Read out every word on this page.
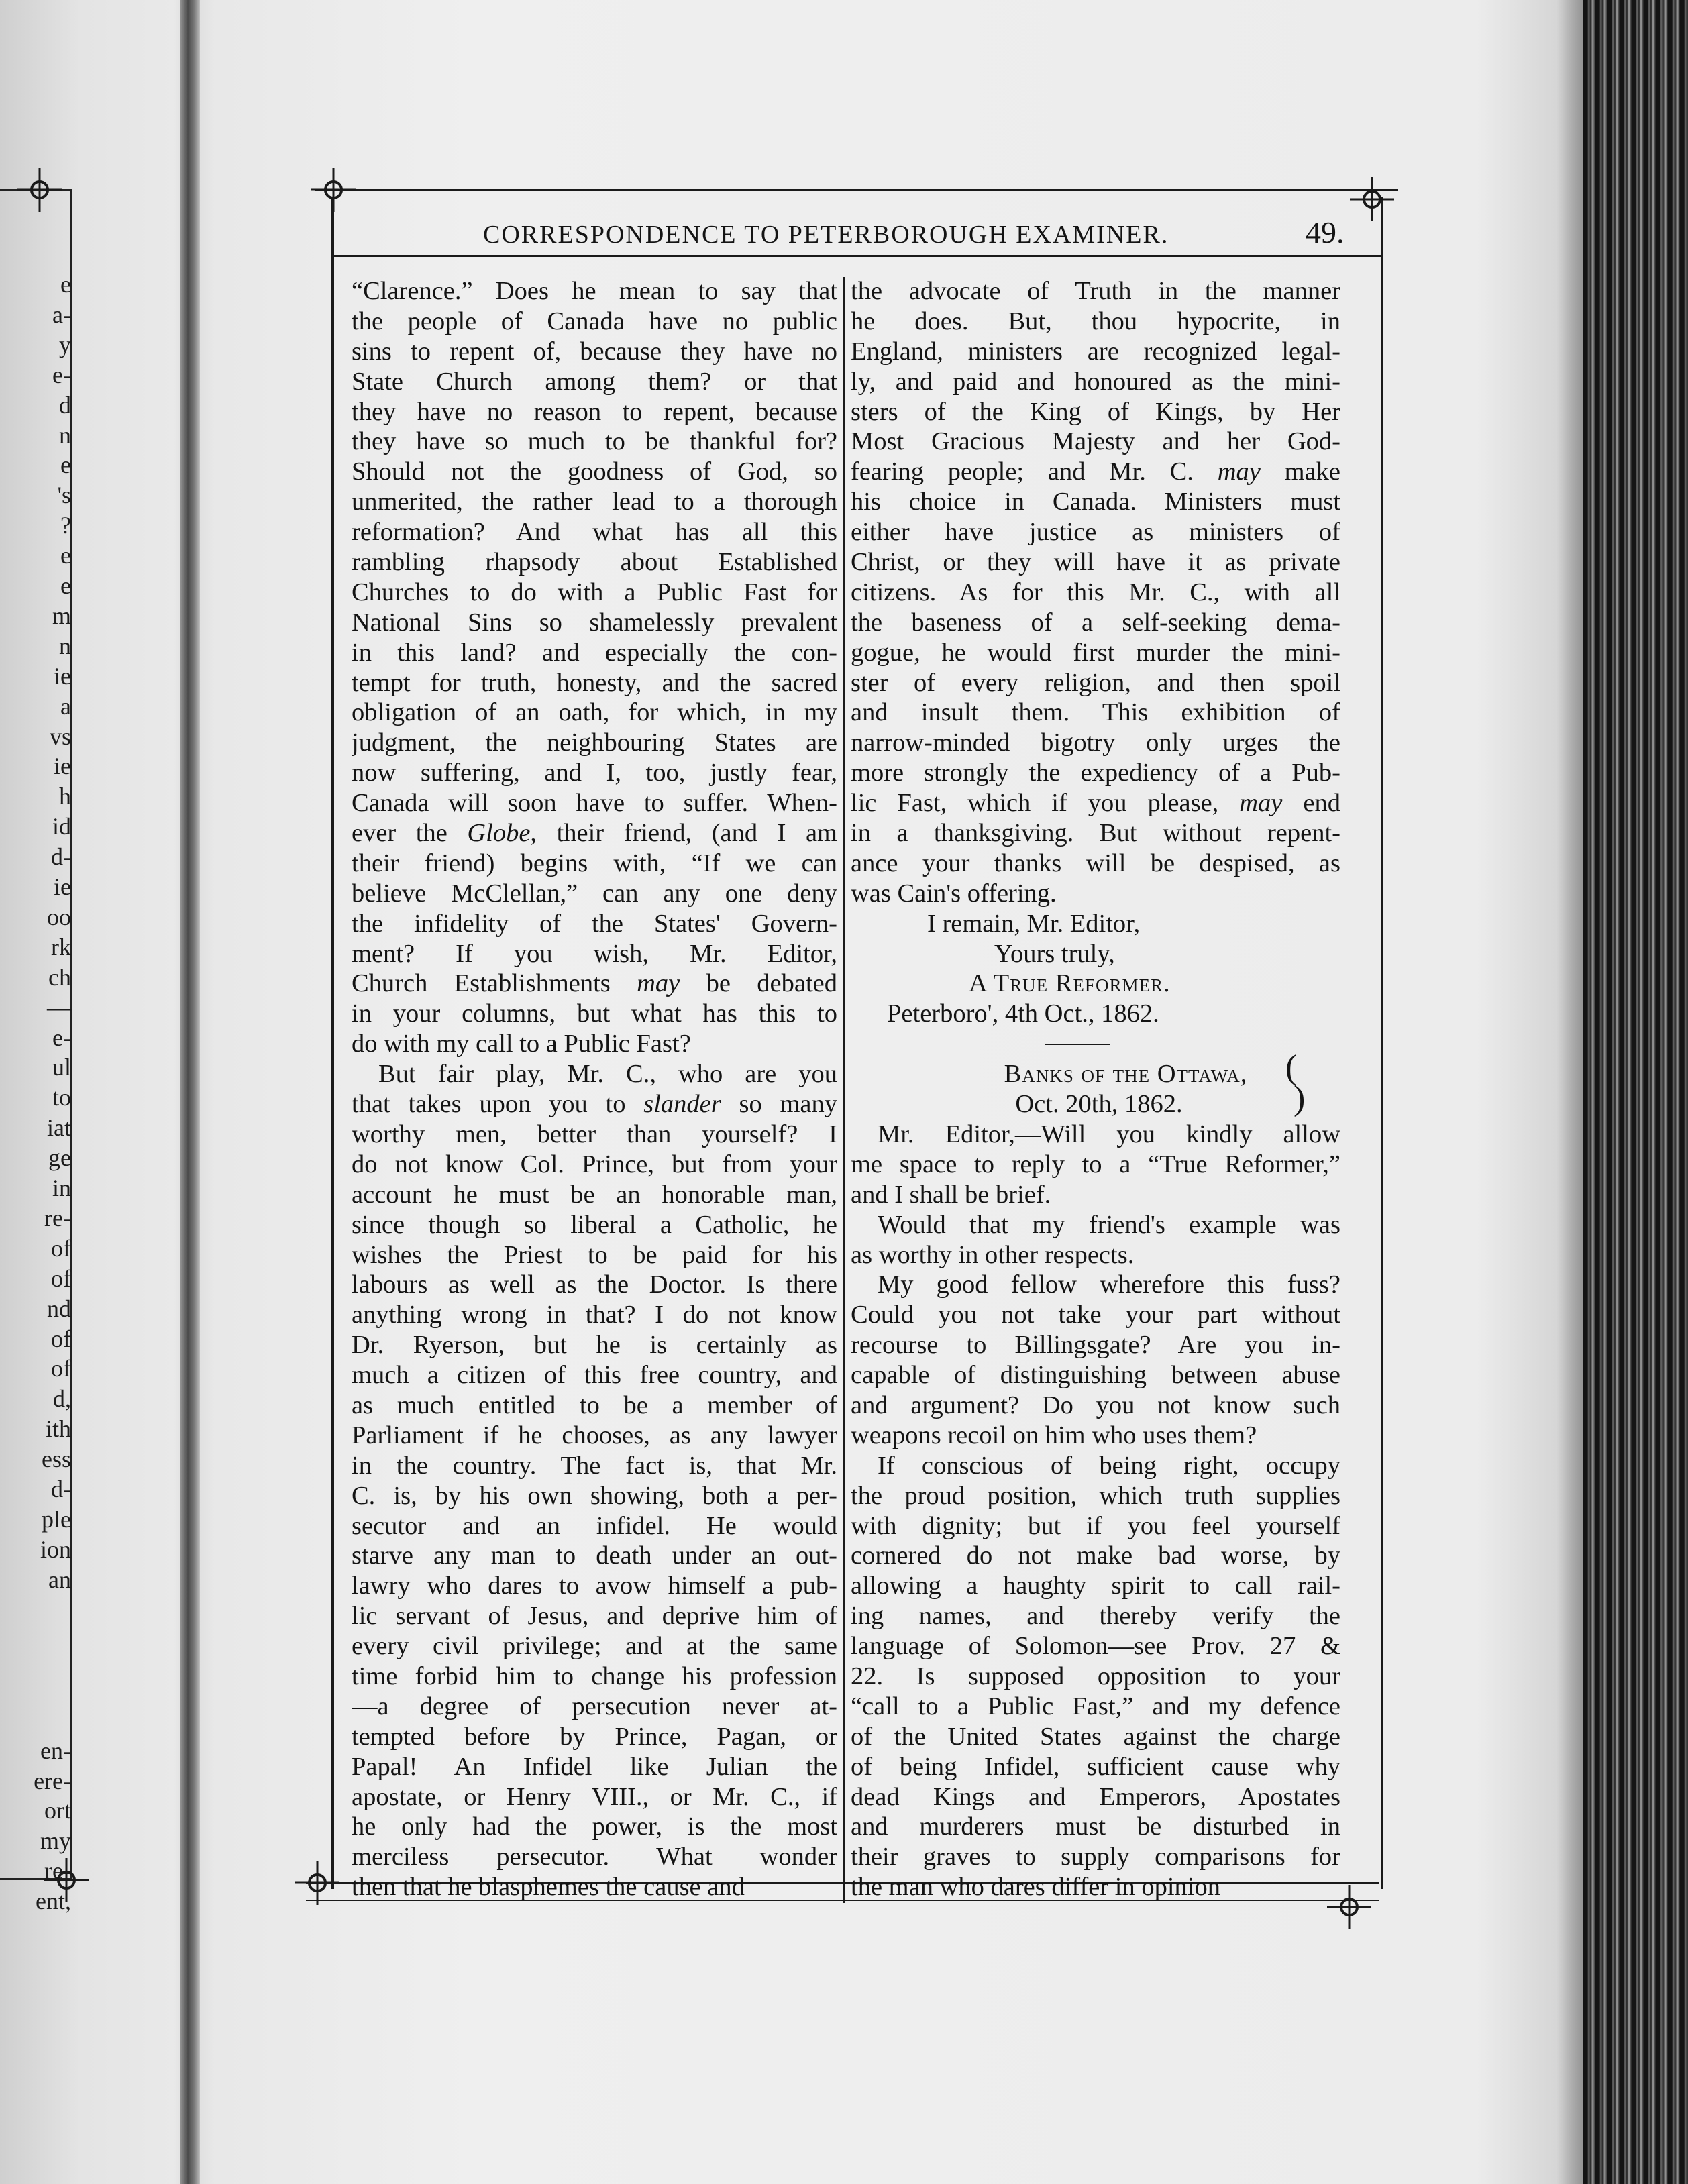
e
a-
y
e-
d
n
e
's
?
e
e
m
n
ie
a
vs
ie
h
id
d-
ie
oo
rk
ch
—
e-
ul
to
iat
ge
in
re-
of
of
nd
of
of
d,
ith
ess
d-
ple
ion
an
en-
ere-
ort
my
re-
ent,
CORRESPONDENCE TO PETERBOROUGH EXAMINER.	49.
“Clarence.” Does he mean to say that
the people of Canada have no public
sins to repent of, because they have no
State Church among them? or that
they have no reason to repent, because
they have so much to be thankful for?
Should not the goodness of God, so
unmerited, the rather lead to a thorough
reformation? And what has all this
rambling rhapsody about Established
Churches to do with a Public Fast for
National Sins so shamelessly prevalent
in this land? and especially the con-
tempt for truth, honesty, and the sacred
obligation of an oath, for which, in my
judgment, the neighbouring States are
now suffering, and I, too, justly fear,
Canada will soon have to suffer. When-
ever the Globe, their friend, (and I am
their friend) begins with, “If we can
believe McClellan,” can any one deny
the infidelity of the States' Govern-
ment? If you wish, Mr. Editor,
Church Establishments may be debated
in your columns, but what has this to
do with my call to a Public Fast?
But fair play, Mr. C., who are you
that takes upon you to slander so many
worthy men, better than yourself? I
do not know Col. Prince, but from your
account he must be an honorable man,
since though so liberal a Catholic, he
wishes the Priest to be paid for his
labours as well as the Doctor. Is there
anything wrong in that? I do not know
Dr. Ryerson, but he is certainly as
much a citizen of this free country, and
as much entitled to be a member of
Parliament if he chooses, as any lawyer
in the country. The fact is, that Mr.
C. is, by his own showing, both a per-
secutor and an infidel. He would
starve any man to death under an out-
lawry who dares to avow himself a pub-
lic servant of Jesus, and deprive him of
every civil privilege; and at the same
time forbid him to change his profession
—a degree of persecution never at-
tempted before by Prince, Pagan, or
Papal! An Infidel like Julian the
apostate, or Henry VIII., or Mr. C., if
he only had the power, is the most
merciless persecutor. What wonder
then that he blasphemes the cause and
the advocate of Truth in the manner
he does. But, thou hypocrite, in
England, ministers are recognized legal-
ly, and paid and honoured as the mini-
sters of the King of Kings, by Her
Most Gracious Majesty and her God-
fearing people; and Mr. C. may make
his choice in Canada. Ministers must
either have justice as ministers of
Christ, or they will have it as private
citizens. As for this Mr. C., with all
the baseness of a self-seeking dema-
gogue, he would first murder the mini-
ster of every religion, and then spoil
and insult them. This exhibition of
narrow-minded bigotry only urges the
more strongly the expediency of a Pub-
lic Fast, which if you please, may end
in a thanksgiving. But without repent-
ance your thanks will be despised, as
was Cain's offering.
I remain, Mr. Editor,
Yours truly,
A True Reformer.
Peterboro', 4th Oct., 1862.
Banks of the Ottawa,
Oct. 20th, 1862.
Mr. Editor,—Will you kindly allow
me space to reply to a “True Reformer,”
and I shall be brief.
Would that my friend's example was
as worthy in other respects.
My good fellow wherefore this fuss?
Could you not take your part without
recourse to Billingsgate? Are you in-
capable of distinguishing between abuse
and argument? Do you not know such
weapons recoil on him who uses them?
If conscious of being right, occupy
the proud position, which truth supplies
with dignity; but if you feel yourself
cornered do not make bad worse, by
allowing a haughty spirit to call rail-
ing names, and thereby verify the
language of Solomon—see Prov. 27 &
22. Is supposed opposition to your
“call to a Public Fast,” and my defence
of the United States against the charge
of being Infidel, sufficient cause why
dead Kings and Emperors, Apostates
and murderers must be disturbed in
their graves to supply comparisons for
the man who dares differ in opinion
(
)
